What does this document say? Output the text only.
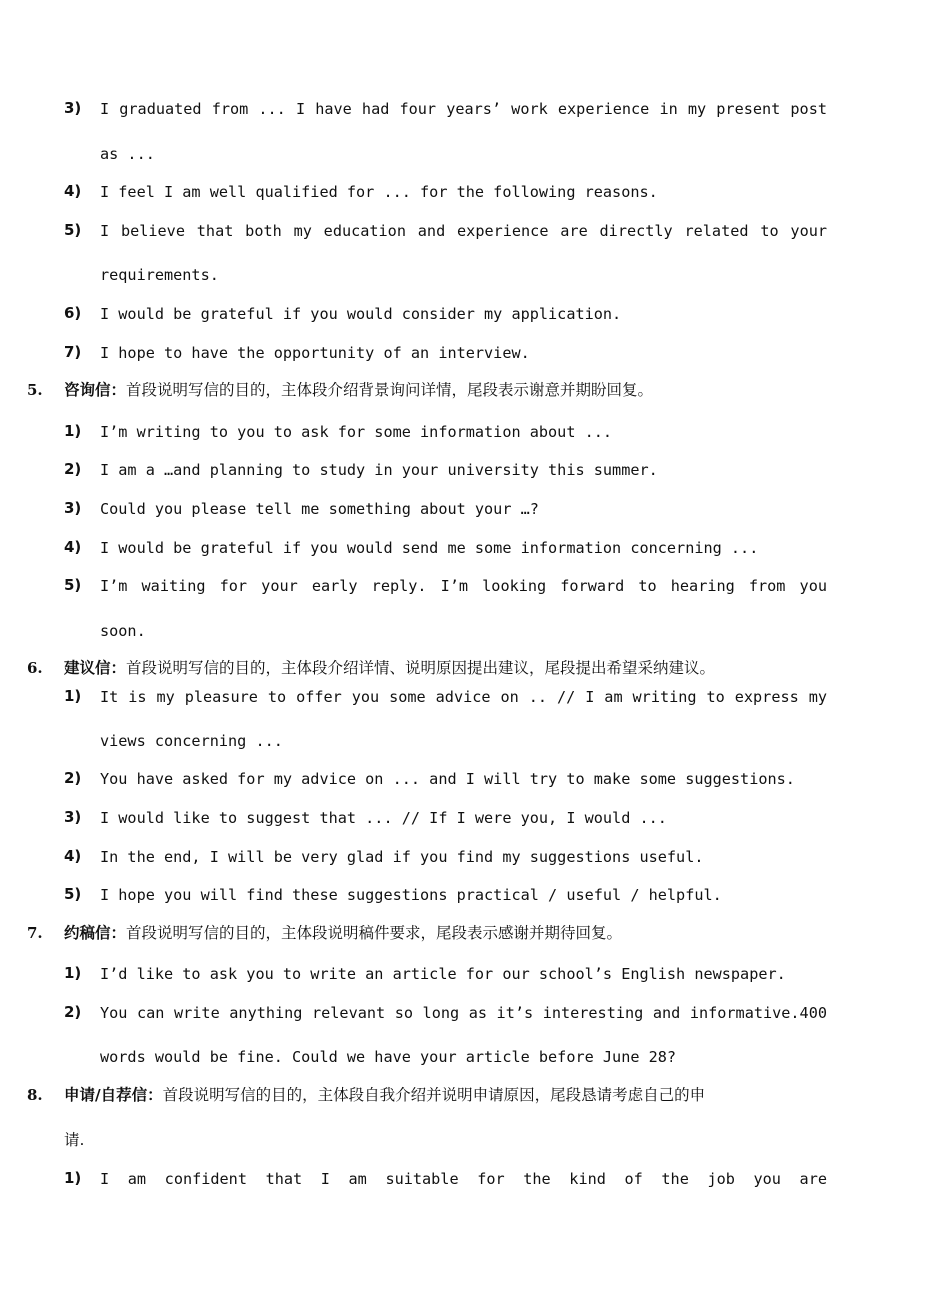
3) I graduated from ... I have had four years’ work experience in my present post
as ...
4) I feel I am well qualified for ... for the following reasons.
5) I believe that both my education and experience are directly related to your
requirements.
6) I would be grateful if you would consider my application.
7) I hope to have the opportunity of an interview.
5. 咨询信：首段说明写信的目的，主体段介绍背景询问详情，尾段表示谢意并期盼回复。
1) I’m writing to you to ask for some information about ...
2) I am a …and planning to study in your university this summer.
3) Could you please tell me something about your …?
4) I would be grateful if you would send me some information concerning ...
5) I’m waiting for your early reply. I’m looking forward to hearing from you
soon.
6. 建议信：首段说明写信的目的，主体段介绍详情、说明原因提出建议，尾段提出希望采纳建议。
1) It is my pleasure to offer you some advice on .. // I am writing to express my
views concerning ...
2) You have asked for my advice on ... and I will try to make some suggestions.
3) I would like to suggest that ... // If I were you, I would ...
4) In the end, I will be very glad if you find my suggestions useful.
5) I hope you will find these suggestions practical / useful / helpful.
7. 约稿信：首段说明写信的目的，主体段说明稿件要求，尾段表示感谢并期待回复。
1) I’d like to ask you to write an article for our school’s English newspaper.
2) You can write anything relevant so long as it’s interesting and informative.400
words would be fine. Could we have your article before June 28?
8. 申请/自荐信：首段说明写信的目的，主体段自我介绍并说明申请原因，尾段恳请考虑自己的申
请.
1) I am confident that I am suitable for the kind of the job you are
